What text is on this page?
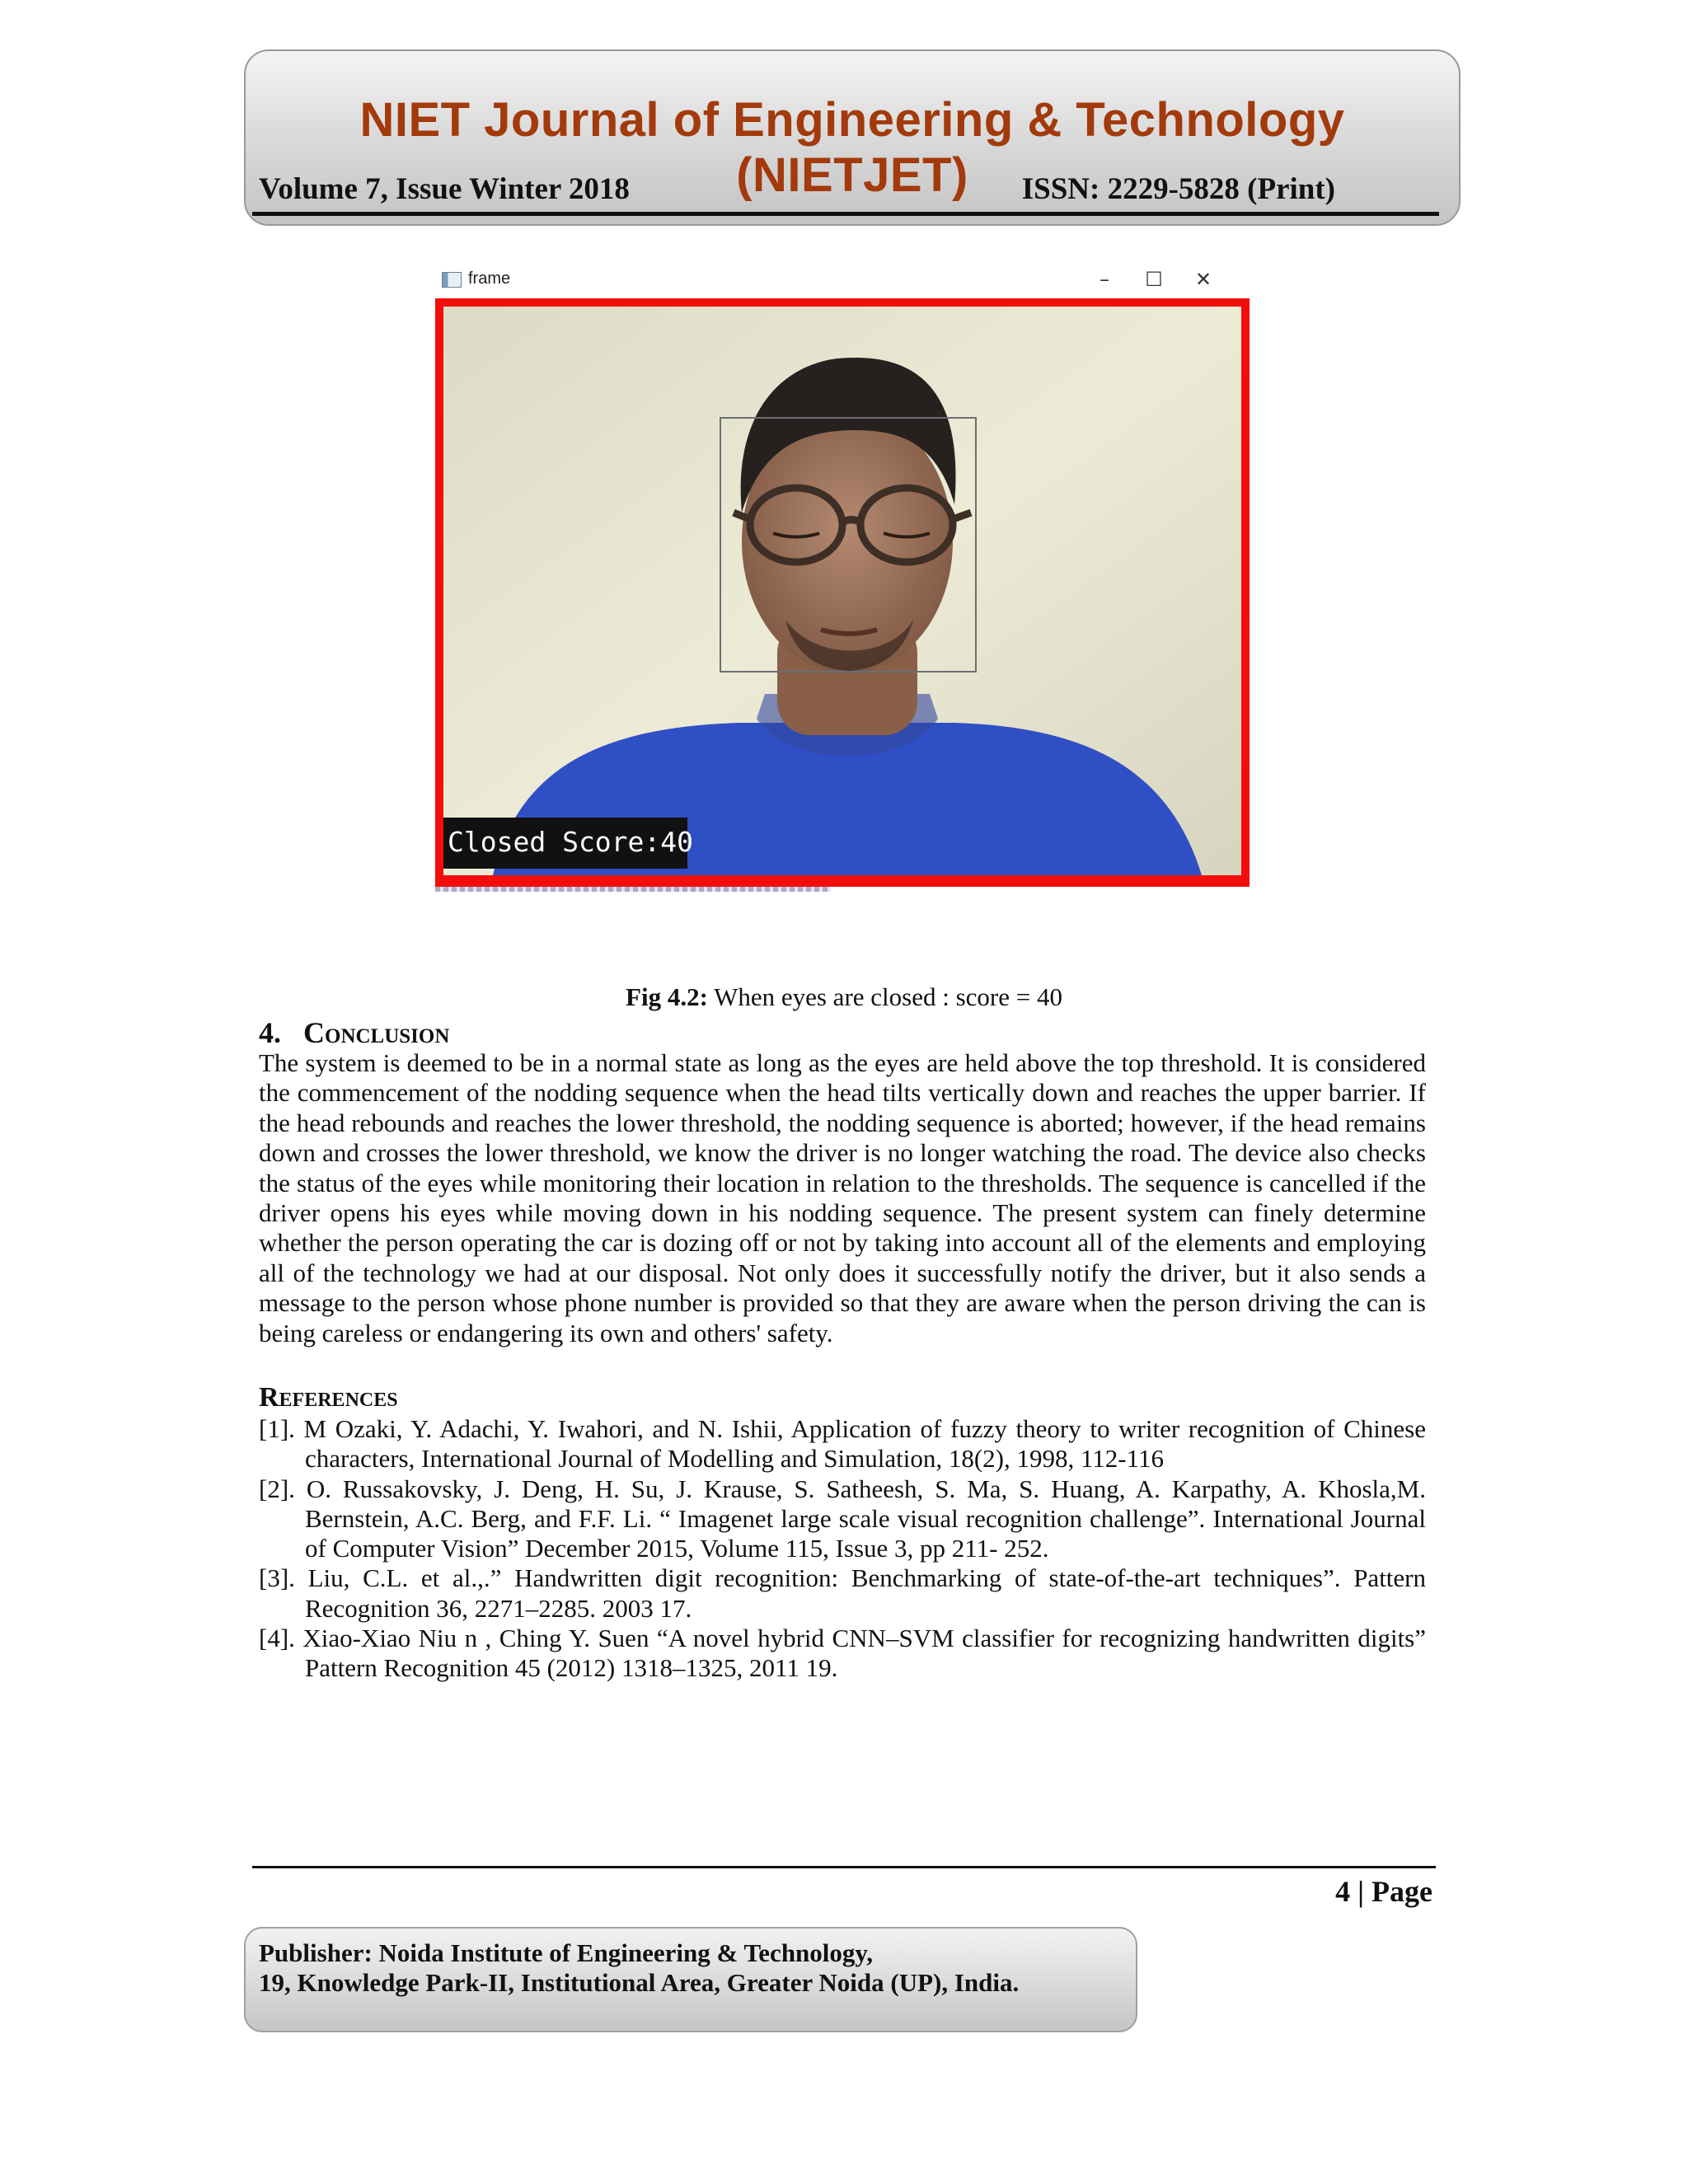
NIET Journal of Engineering & Technology (NIETJET)
Volume 7, Issue Winter 2018	ISSN: 2229-5828 (Print)
frame	–	☐	✕
Closed Score:40
Fig 4.2: When eyes are closed : score = 40
4. Conclusion
The system is deemed to be in a normal state as long as the eyes are held above the top threshold. It is considered the commencement of the nodding sequence when the head tilts vertically down and reaches the upper barrier. If the head rebounds and reaches the lower threshold, the nodding sequence is aborted; however, if the head remains down and crosses the lower threshold, we know the driver is no longer watching the road. The device also checks the status of the eyes while monitoring their location in relation to the thresholds. The sequence is cancelled if the driver opens his eyes while moving down in his nodding sequence. The present system can finely determine whether the person operating the car is dozing off or not by taking into account all of the elements and employing all of the technology we had at our disposal. Not only does it successfully notify the driver, but it also sends a message to the person whose phone number is provided so that they are aware when the person driving the can is being careless or endangering its own and others' safety.
References
[1]. M Ozaki, Y. Adachi, Y. Iwahori, and N. Ishii, Application of fuzzy theory to writer recognition of Chinese characters, International Journal of Modelling and Simulation, 18(2), 1998, 112-116
[2]. O. Russakovsky, J. Deng, H. Su, J. Krause, S. Satheesh, S. Ma, S. Huang, A. Karpathy, A. Khosla,M. Bernstein, A.C. Berg, and F.F. Li. “ Imagenet large scale visual recognition challenge”. International Journal of Computer Vision” December 2015, Volume 115, Issue 3, pp 211- 252.
[3]. Liu, C.L. et al.,.” Handwritten digit recognition: Benchmarking of state-of-the-art techniques”. Pattern Recognition 36, 2271–2285. 2003 17.
[4]. Xiao-Xiao Niu n , Ching Y. Suen “A novel hybrid CNN–SVM classifier for recognizing handwritten digits” Pattern Recognition 45 (2012) 1318–1325, 2011 19.
4 | Page
Publisher: Noida Institute of Engineering & Technology,
19, Knowledge Park-II, Institutional Area, Greater Noida (UP), India.
